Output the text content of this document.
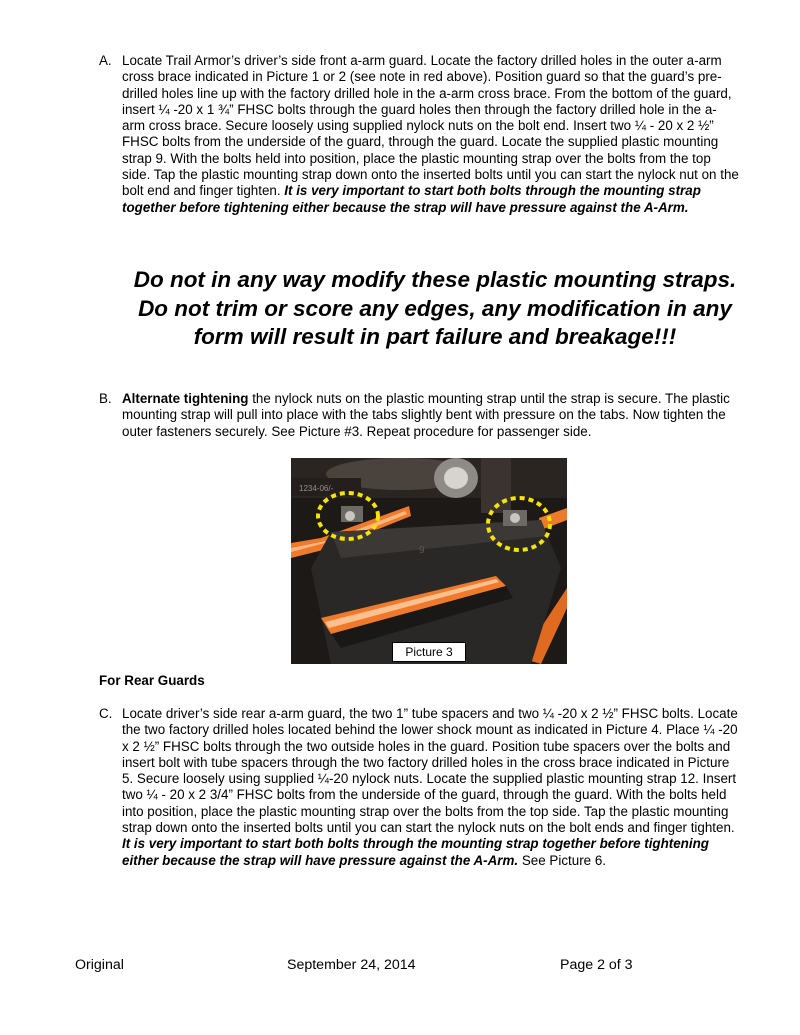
A. Locate Trail Armor’s driver’s side front a-arm guard. Locate the factory drilled holes in the outer a-arm cross brace indicated in Picture 1 or 2 (see note in red above). Position guard so that the guard’s pre-drilled holes line up with the factory drilled hole in the a-arm cross brace. From the bottom of the guard, insert ¼ -20 x 1 ¾” FHSC bolts through the guard holes then through the factory drilled hole in the a-arm cross brace. Secure loosely using supplied nylock nuts on the bolt end. Insert two ¼ - 20 x 2 ½” FHSC bolts from the underside of the guard, through the guard. Locate the supplied plastic mounting strap 9. With the bolts held into position, place the plastic mounting strap over the bolts from the top side. Tap the plastic mounting strap down onto the inserted bolts until you can start the nylock nut on the bolt end and finger tighten. It is very important to start both bolts through the mounting strap together before tightening either because the strap will have pressure against the A-Arm.
Do not in any way modify these plastic mounting straps. Do not trim or score any edges, any modification in any form will result in part failure and breakage!!!
B. Alternate tightening the nylock nuts on the plastic mounting strap until the strap is secure. The plastic mounting strap will pull into place with the tabs slightly bent with pressure on the tabs. Now tighten the outer fasteners securely. See Picture #3. Repeat procedure for passenger side.
1234-06/-
9
Picture 3
For Rear Guards
C. Locate driver’s side rear a-arm guard, the two 1” tube spacers and two ¼ -20 x 2 ½” FHSC bolts. Locate the two factory drilled holes located behind the lower shock mount as indicated in Picture 4. Place ¼ -20 x 2 ½” FHSC bolts through the two outside holes in the guard. Position tube spacers over the bolts and insert bolt with tube spacers through the two factory drilled holes in the cross brace indicated in Picture 5. Secure loosely using supplied ¼-20 nylock nuts. Locate the supplied plastic mounting strap 12. Insert two ¼ - 20 x 2 3/4” FHSC bolts from the underside of the guard, through the guard. With the bolts held into position, place the plastic mounting strap over the bolts from the top side. Tap the plastic mounting strap down onto the inserted bolts until you can start the nylock nuts on the bolt ends and finger tighten. It is very important to start both bolts through the mounting strap together before tightening either because the strap will have pressure against the A-Arm. See Picture 6.
Original	September 24, 2014	Page 2 of 3
